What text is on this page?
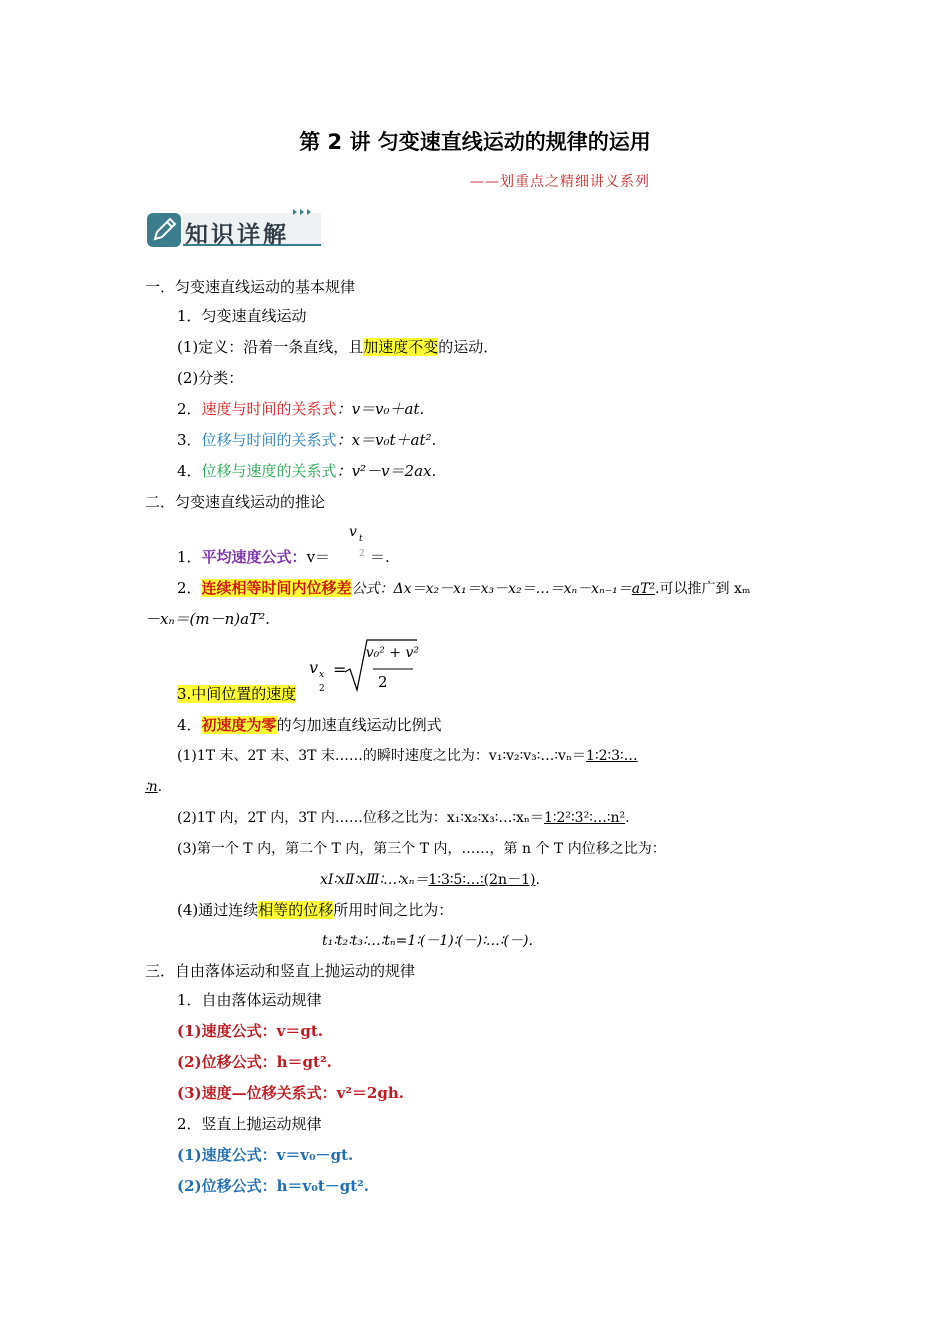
第 2 讲 匀变速直线运动的规律的运用
——划重点之精细讲义系列
知识详解
一．匀变速直线运动的基本规律
1．匀变速直线运动
(1)定义：沿着一条直线，且加速度不变的运动．
(2)分类：
2．速度与时间的关系式：v＝v₀＋at.
3．位移与时间的关系式：x＝v₀t＋at².
4．位移与速度的关系式：v²－v＝2ax.
二．匀变速直线运动的推论
v t
2
1．平均速度公式：v＝	＝.
2．连续相等时间内位移差公式：Δx＝x₂－x₁＝x₃－x₂＝…＝xₙ－xₙ₋₁＝aT².可以推广到 xₘ
－xₙ＝(m－n)aT².
v x
2
=
v₀² + v²
2
3.中间位置的速度
4．初速度为零的匀加速直线运动比例式
(1)1T 末、2T 末、3T 末……的瞬时速度之比为：v₁∶v₂∶v₃∶…∶vₙ＝1∶2∶3∶…
∶n.
(2)1T 内，2T 内，3T 内……位移之比为：x₁∶x₂∶x₃∶…∶xₙ＝1∶2²∶3²∶…∶n².
(3)第一个 T 内，第二个 T 内，第三个 T 内，……，第 n 个 T 内位移之比为：
xⅠ∶xⅡ∶xⅢ∶…∶xₙ＝1∶3∶5∶…∶(2n－1).
(4)通过连续相等的位移所用时间之比为：
t₁∶t₂∶t₃∶…∶tₙ=1∶(－1)∶(－)∶…∶(－).
三．自由落体运动和竖直上抛运动的规律
1．自由落体运动规律
(1)速度公式：v＝gt.
(2)位移公式：h＝gt².
(3)速度—位移关系式：v²＝2gh.
2．竖直上抛运动规律
(1)速度公式：v＝v₀－gt.
(2)位移公式：h＝v₀t－gt².
